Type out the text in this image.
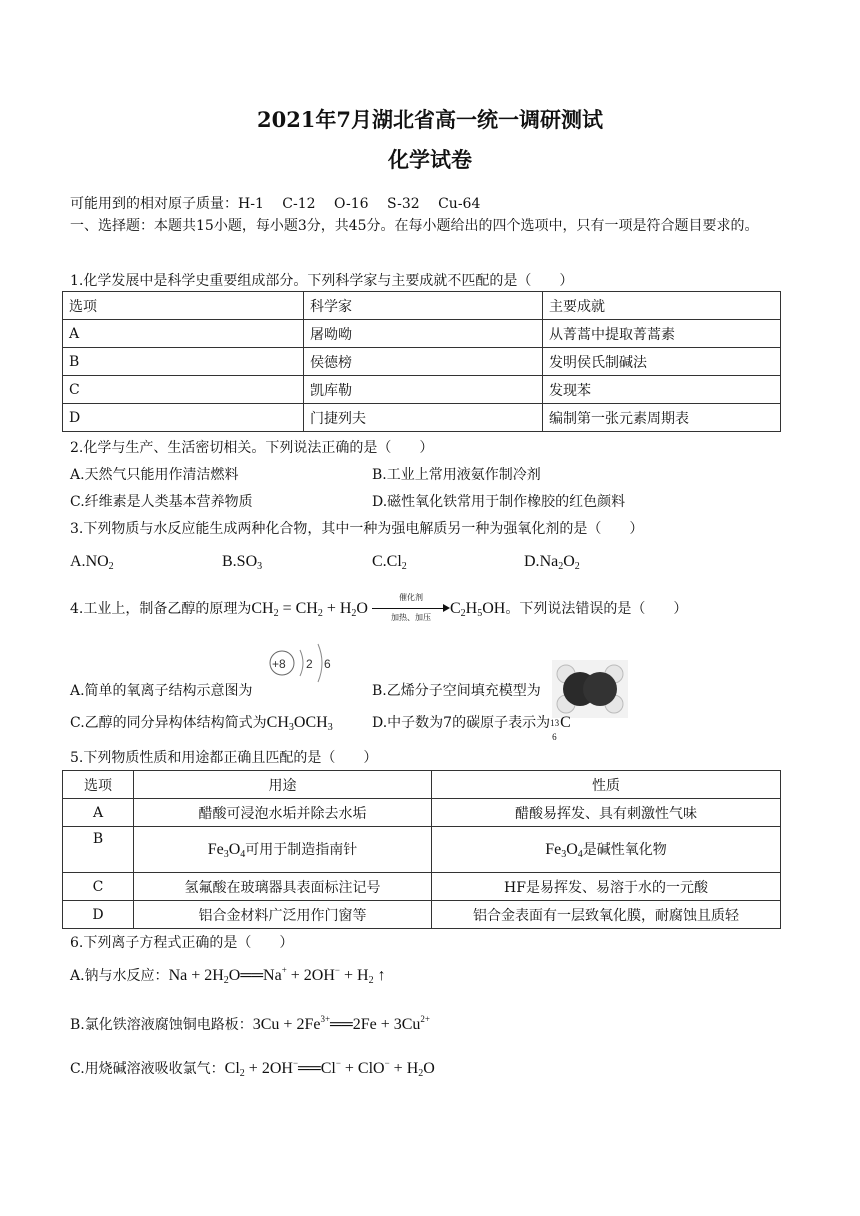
2021年7月湖北省高一统一调研测试
化学试卷
可能用到的相对原子质量：H-1　 C-12　 O-16　 S-32　 Cu-64
一、选择题：本题共15小题，每小题3分，共45分。在每小题给出的四个选项中，只有一项是符合题目要求的。
1.化学发展中是科学史重要组成部分。下列科学家与主要成就不匹配的是（　　）
选项	科学家	主要成就
A	屠呦呦	从菁蒿中提取菁蒿素
B	侯德榜	发明侯氏制碱法
C	凯库勒	发现苯
D	门捷列夫	编制第一张元素周期表
2.化学与生产、生活密切相关。下列说法正确的是（　　）
A.天然气只能用作清洁燃料	B.工业上常用液氨作制冷剂
C.纤维素是人类基本营养物质	D.磁性氧化铁常用于制作橡胶的红色颜料
3.下列物质与水反应能生成两种化合物，其中一种为强电解质另一种为强氧化剂的是（　　）
$A.NO_2$	$B.SO_3$	$C.Cl_2$	$D.Na_2O_2$
4.工业上，制备乙醇的原理为$CH_2 = CH_2 + H_2O$
催化剂
加热、加压
$C_2H_5OH$。下列说法错误的是（　　）
+8 2 6
A.简单的氧离子结构示意图为	B.乙烯分子空间填充模型为
C.乙醇的同分异构体结构简式为$CH_3OCH_3$	D.中子数为7的碳原子表示为 13
6
C
5.下列物质性质和用途都正确且匹配的是（　　）
选项	用途	性质
A	醋酸可浸泡水垢并除去水垢	醋酸易挥发、具有刺激性气味
B	$Fe_3O_4$可用于制造指南针	$Fe_3O_4$是碱性氧化物
C	氢氟酸在玻璃器具表面标注记号	HF是易挥发、易溶于水的一元酸
D	铝合金材料广泛用作门窗等	铝合金表面有一层致氧化膜，耐腐蚀且质轻
6.下列离子方程式正确的是（　　）
A.钠与水反应：$Na + 2H_2O══Na^+ + 2OH^- + H_2$ ↑
B.氯化铁溶液腐蚀铜电路板：$3Cu + 2Fe^{3+}══2Fe + 3Cu^{2+}$
C.用烧碱溶液吸收氯气：$Cl_2$ + 2OH−══Cl− + $ClO^- + H_2O$
